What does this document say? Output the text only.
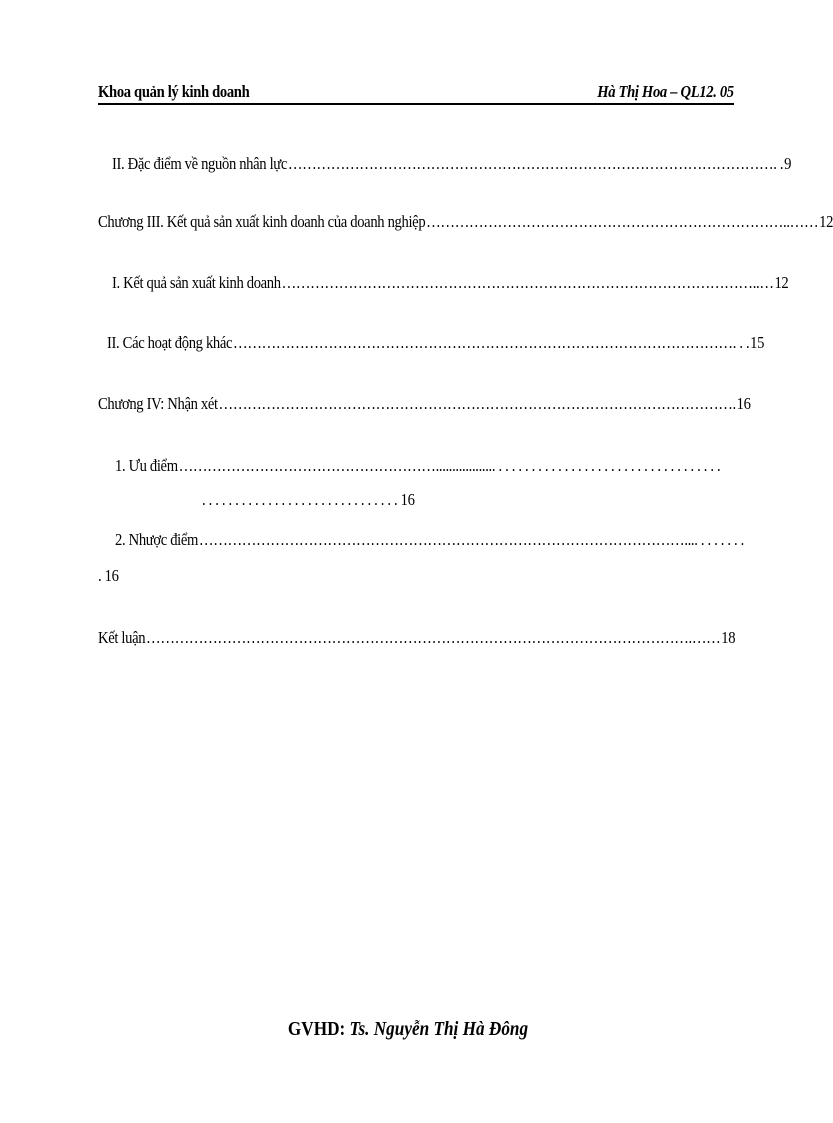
Khoa quản lý kinh doanh	Hà Thị Hoa – QL12. 05
II. Đặc điểm về nguồn nhân lực…………………………………………………………………………………………. .9
Chương III. Kết quả sản xuất kinh doanh của doanh nghiệp…………………………………………………………………..……12
I. Kết quả sản xuất kinh doanh………………………………………………………………………………………..…12
II. Các hoạt động khác……………………………………………………………………………………………. . .15
Chương IV: Nhận xét……………………………………………………………………………………………….16
1. Ưu điểm……………………………………………….................. . . . . . . . . . . . . . . . . . . . . . . . . . . . . . . . . . .
. . . . . . . . . . . . . . . . . . . . . . . . . . . . . . 16
2. Nhược điểm………………………………………………………………………………………….... . . . . . . .
. 16
Kết luận…………………………………………………………………………………………………….……18
GVHD: Ts. Nguyễn Thị Hà Đông
